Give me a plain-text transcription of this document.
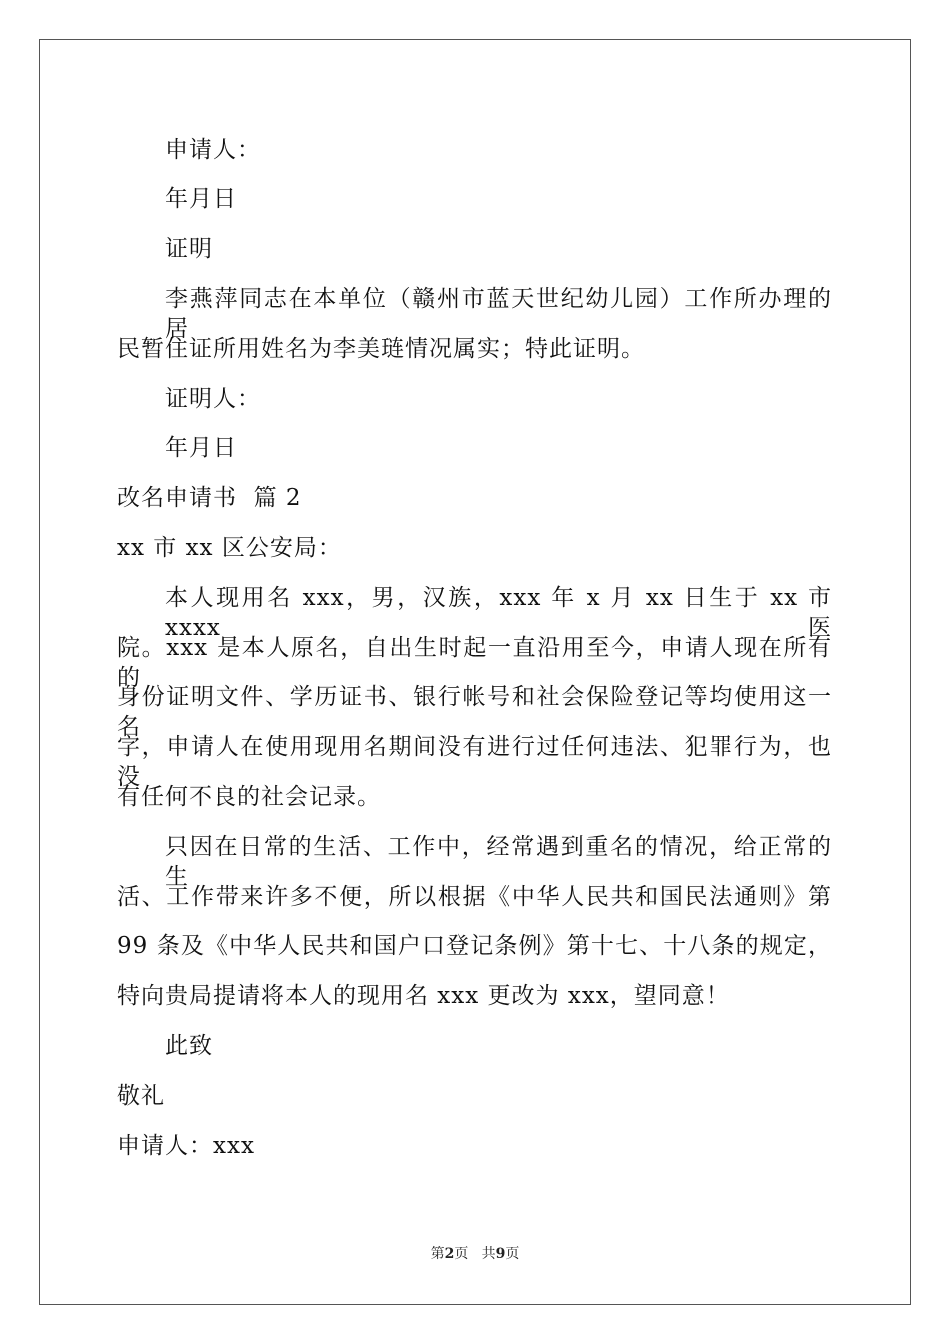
申请人：
年月日
证明
李燕萍同志在本单位（赣州市蓝天世纪幼儿园）工作所办理的居
民暂住证所用姓名为李美琏情况属实；特此证明。
证明人：
年月日
改名申请书  篇 2
xx 市 xx 区公安局：
本人现用名 xxx，男，汉族，xxx 年 x 月 xx 日生于 xx 市 xxxx 医
院。xxx 是本人原名，自出生时起一直沿用至今，申请人现在所有的
身份证明文件、学历证书、银行帐号和社会保险登记等均使用这一名
字，申请人在使用现用名期间没有进行过任何违法、犯罪行为，也没
有任何不良的社会记录。
只因在日常的生活、工作中，经常遇到重名的情况，给正常的生
活、工作带来许多不便，所以根据《中华人民共和国民法通则》第
99 条及《中华人民共和国户口登记条例》第十七、十八条的规定，
特向贵局提请将本人的现用名 xxx 更改为 xxx，望同意！
此致
敬礼
申请人：xxx
第2页 共9页
